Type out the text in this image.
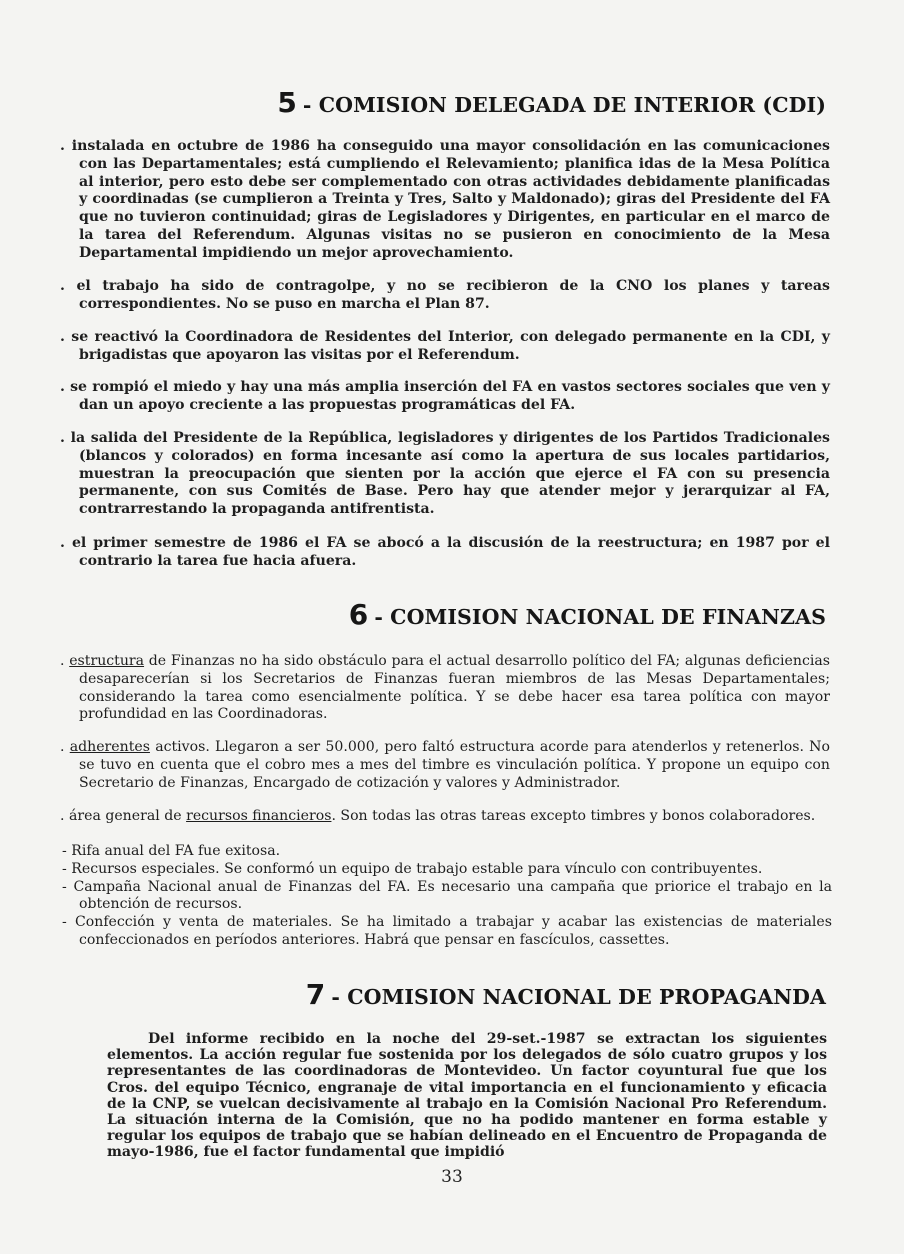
5 - COMISION DELEGADA DE INTERIOR (CDI)

. instalada en octubre de 1986 ha conseguido una mayor consolidación en las comunicaciones con las Departamentales; está cumpliendo el Relevamiento; planifica idas de la Mesa Política al interior, pero esto debe ser complementado con otras actividades debidamente planificadas y coordinadas (se cumplieron a Treinta y Tres, Salto y Maldonado); giras del Presidente del FA que no tuvieron continuidad; giras de Legisladores y Dirigentes, en particular en el marco de la tarea del Referendum. Algunas visitas no se pusieron en conocimiento de la Mesa Departamental impidiendo un mejor aprovechamiento.

. el trabajo ha sido de contragolpe, y no se recibieron de la CNO los planes y tareas correspondientes. No se puso en marcha el Plan 87.

. se reactivó la Coordinadora de Residentes del Interior, con delegado permanente en la CDI, y brigadistas que apoyaron las visitas por el Referendum.

. se rompió el miedo y hay una más amplia inserción del FA en vastos sectores sociales que ven y dan un apoyo creciente a las propuestas programáticas del FA.

. la salida del Presidente de la República, legisladores y dirigentes de los Partidos Tradicionales (blancos y colorados) en forma incesante así como la apertura de sus locales partidarios, muestran la preocupación que sienten por la acción que ejerce el FA con su presencia permanente, con sus Comités de Base. Pero hay que atender mejor y jerarquizar al FA, contrarrestando la propaganda antifrentista.

. el primer semestre de 1986 el FA se abocó a la discusión de la reestructura; en 1987 por el contrario la tarea fue hacia afuera.

6 - COMISION NACIONAL DE FINANZAS

. estructura de Finanzas no ha sido obstáculo para el actual desarrollo político del FA; algunas deficiencias desaparecerían si los Secretarios de Finanzas fueran miembros de las Mesas Departamentales; considerando la tarea como esencialmente política. Y se debe hacer esa tarea política con mayor profundidad en las Coordinadoras.

. adherentes activos. Llegaron a ser 50.000, pero faltó estructura acorde para atenderlos y retenerlos. No se tuvo en cuenta que el cobro mes a mes del timbre es vinculación política. Y propone un equipo con Secretario de Finanzas, Encargado de cotización y valores y Administrador.

. área general de recursos financieros. Son todas las otras tareas excepto timbres y bonos colaboradores.

- Rifa anual del FA fue exitosa.

- Recursos especiales. Se conformó un equipo de trabajo estable para vínculo con contribuyentes.

- Campaña Nacional anual de Finanzas del FA. Es necesario una campaña que priorice el trabajo en la obtención de recursos.

- Confección y venta de materiales. Se ha limitado a trabajar y acabar las existencias de materiales confeccionados en períodos anteriores. Habrá que pensar en fascículos, cassettes.

7 - COMISION NACIONAL DE PROPAGANDA

Del informe recibido en la noche del 29-set.-1987 se extractan los siguientes elementos. La acción regular fue sostenida por los delegados de sólo cuatro grupos y los representantes de las coordinadoras de Montevideo. Un factor coyuntural fue que los Cros. del equipo Técnico, engranaje de vital importancia en el funcionamiento y eficacia de la CNP, se vuelcan decisivamente al trabajo en la Comisión Nacional Pro Referendum. La situación interna de la Comisión, que no ha podido mantener en forma estable y regular los equipos de trabajo que se habían delineado en el Encuentro de Propaganda de mayo-1986, fue el factor fundamental que impidió

33
